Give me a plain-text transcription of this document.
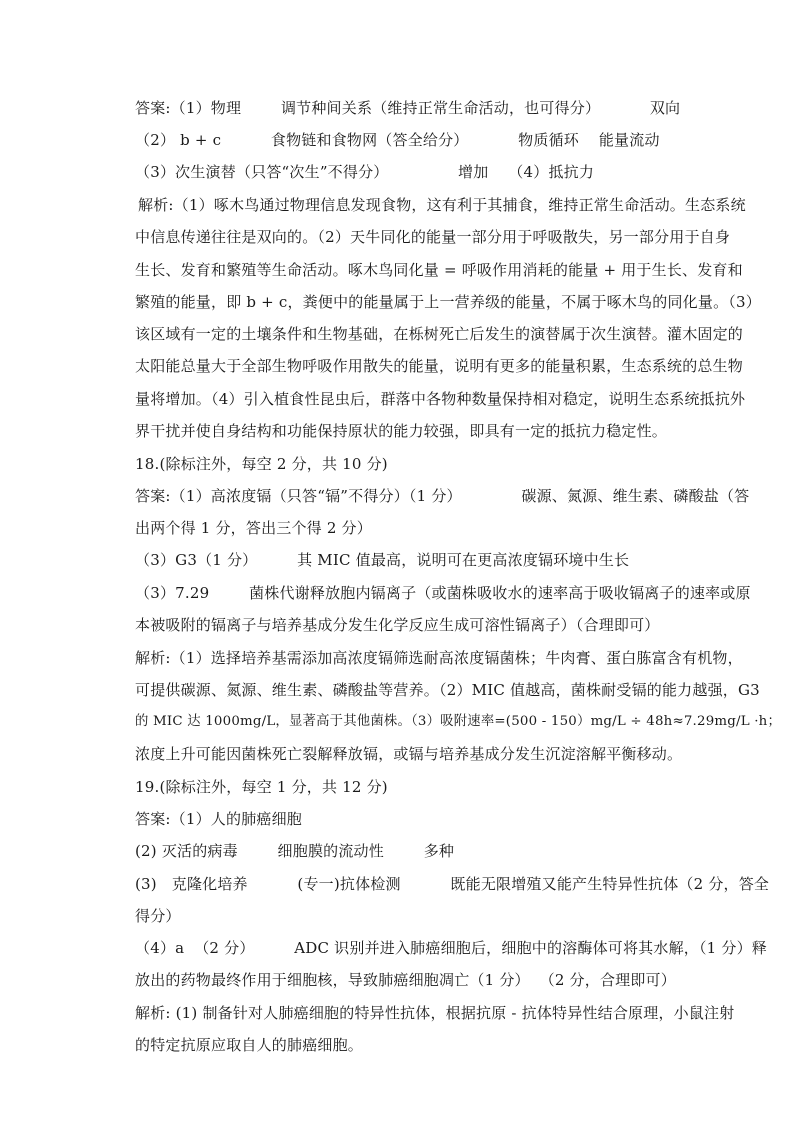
答案:（1）物理        调节种间关系（维持正常生命活动，也可得分）          双向

（2） b + c          食物链和食物网（答全给分）          物质循环    能量流动

（3）次生演替（只答“次生”不得分）              增加    （4）抵抗力

解析:（1）啄木鸟通过物理信息发现食物，这有利于其捕食，维持正常生命活动。生态系统

中信息传递往往是双向的。（2）天牛同化的能量一部分用于呼吸散失，另一部分用于自身

生长、发育和繁殖等生命活动。啄木鸟同化量 = 呼吸作用消耗的能量 + 用于生长、发育和

繁殖的能量，即 b + c，粪便中的能量属于上一营养级的能量，不属于啄木鸟的同化量。（3）

该区域有一定的土壤条件和生物基础，在栎树死亡后发生的演替属于次生演替。灌木固定的

太阳能总量大于全部生物呼吸作用散失的能量，说明有更多的能量积累，生态系统的总生物

量将增加。（4）引入植食性昆虫后，群落中各物种数量保持相对稳定，说明生态系统抵抗外

界干扰并使自身结构和功能保持原状的能力较强，即具有一定的抵抗力稳定性。

18.(除标注外，每空 2 分，共 10 分)

答案:（1）高浓度镉（只答“镉”不得分）（1 分）            碳源、氮源、维生素、磷酸盐（答

出两个得 1 分，答出三个得 2 分）

（3）G3（1 分）        其 MIC 值最高，说明可在更高浓度镉环境中生长

（3）7.29        菌株代谢释放胞内镉离子（或菌株吸收水的速率高于吸收镉离子的速率或原

本被吸附的镉离子与培养基成分发生化学反应生成可溶性镉离子）（合理即可）

解析:（1）选择培养基需添加高浓度镉筛选耐高浓度镉菌株；牛肉膏、蛋白胨富含有机物，

可提供碳源、氮源、维生素、磷酸盐等营养。（2）MIC 值越高，菌株耐受镉的能力越强，G3

的 MIC 达 1000mg/L，显著高于其他菌株。（3）吸附速率=(500 - 150）mg/L ÷ 48h≈7.29mg/L ·h；

浓度上升可能因菌株死亡裂解释放镉，或镉与培养基成分发生沉淀溶解平衡移动。

19.(除标注外，每空 1 分，共 12 分)

答案:（1）人的肺癌细胞

(2) 灭活的病毒        细胞膜的流动性        多种

(3)   克隆化培养          (专一)抗体检测          既能无限增殖又能产生特异性抗体（2 分，答全

得分）

（4）a  （2 分）        ADC 识别并进入肺癌细胞后，细胞中的溶酶体可将其水解，（1 分）释

放出的药物最终作用于细胞核，导致肺癌细胞凋亡（1 分）  （2 分，合理即可）

解析: (1) 制备针对人肺癌细胞的特异性抗体，根据抗原 - 抗体特异性结合原理，小鼠注射

的特定抗原应取自人的肺癌细胞。
